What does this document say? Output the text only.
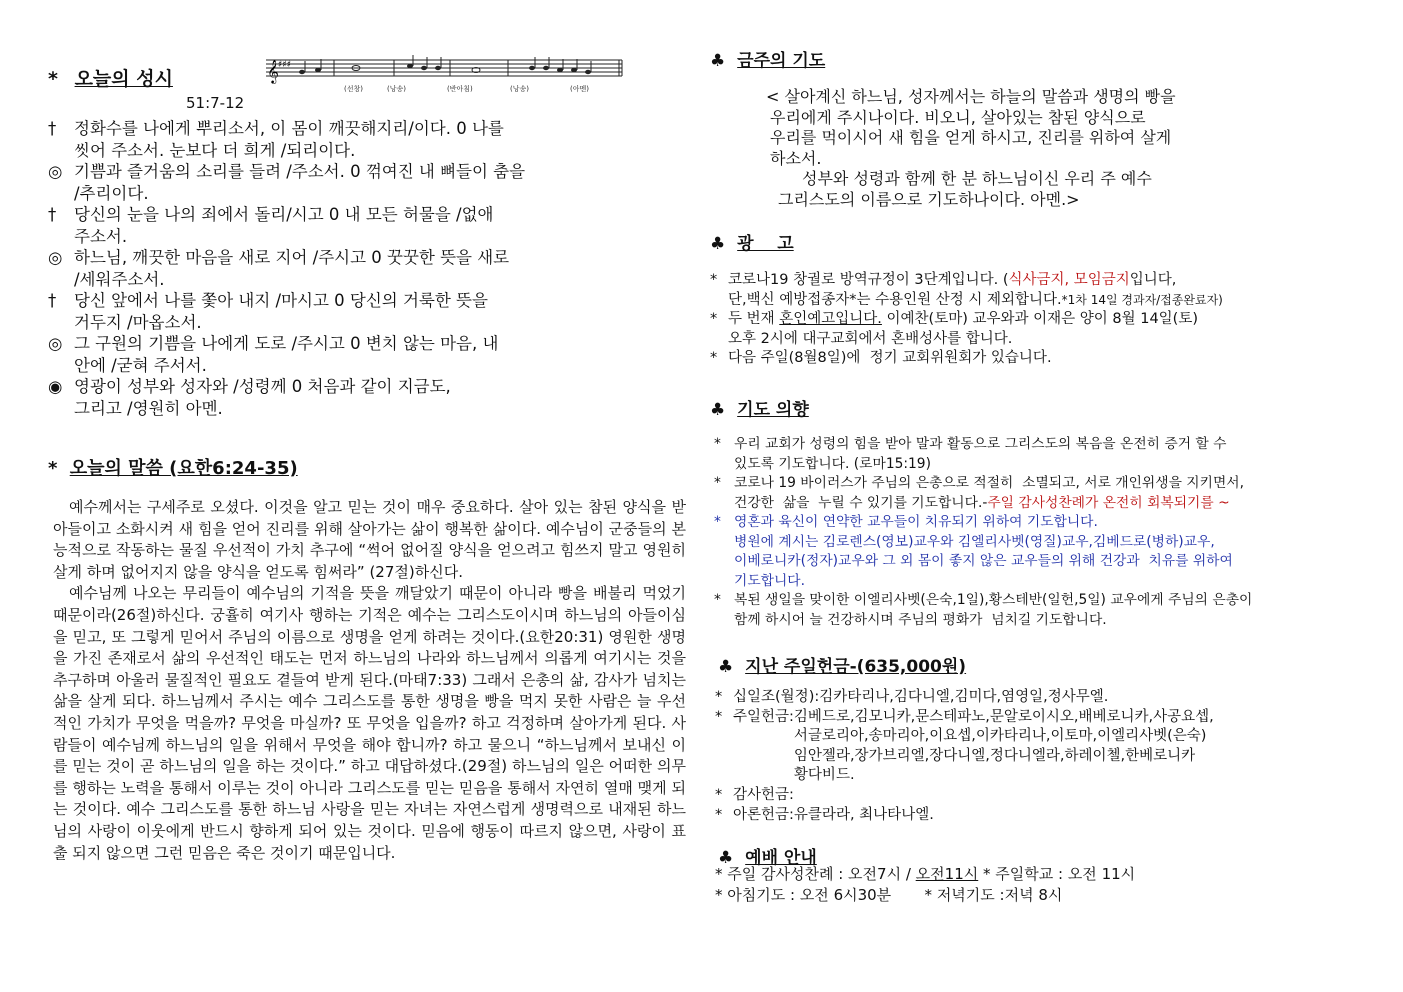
* 오늘의 성시	𝄞 ♯♯♯
(선창)	(낭송)	(반아침)	(낭송)	(아멘)
51:7-12
†	정화수를 나에게 뿌리소서, 이 몸이 깨끗해지리/이다. 0 나를
씻어 주소서. 눈보다 더 희게 /되리이다.
◎ 기쁨과 즐거움의 소리를 들려 /주소서. 0 꺾여진 내 뼈들이 춤을
/추리이다.
†	당신의 눈을 나의 죄에서 돌리/시고 0 내 모든 허물을 /없애
주소서.
◎ 하느님, 깨끗한 마음을 새로 지어 /주시고 0 꿋꿋한 뜻을 새로
/세워주소서.
†	당신 앞에서 나를 쫓아 내지 /마시고 0 당신의 거룩한 뜻을
거두지 /마옵소서.
◎ 그 구원의 기쁨을 나에게 도로 /주시고 0 변치 않는 마음, 내
안에 /굳혀 주서서.
◉ 영광이 성부와 성자와 /성령께 0 처음과 같이 지금도,
그리고 /영원히 아멘.
* 오늘의 말씀 (요한6:24-35)

예수께서는 구세주로 오셨다. 이것을 알고 믿는 것이 매우 중요하다. 살아 있는 참된 양식을 받아들이고 소화시켜 새 힘을 얻어 진리를 위해 살아가는 삶이 행복한 삶이다. 예수님이 군중들의 본능적으로 작동하는 물질 우선적이 가치 추구에 “썩어 없어질 양식을 얻으려고 힘쓰지 말고 영원히 살게 하며 없어지지 않을 양식을 얻도록 힘써라” (27절)하신다.

예수님께 나오는 무리들이 예수님의 기적을 뜻을 깨달았기 때문이 아니라 빵을 배불리 먹었기 때문이라(26절)하신다. 궁휼히 여기사 행하는 기적은 예수는 그리스도이시며 하느님의 아들이심을 믿고, 또 그렇게 믿어서 주님의 이름으로 생명을 얻게 하려는 것이다.(요한20:31) 영원한 생명을 가진 존재로서 삶의 우선적인 태도는 먼저 하느님의 나라와 하느님께서 의롭게 여기시는 것을 추구하며 아울러 물질적인 필요도 곁들여 받게 된다.(마태7:33) 그래서 은총의 삶, 감사가 넘치는 삶을 살게 되다. 하느님께서 주시는 예수 그리스도를 통한 생명을 빵을 먹지 못한 사람은 늘 우선적인 가치가 무엇을 먹을까? 무엇을 마실까? 또 무엇을 입을까? 하고 걱정하며 살아가게 된다. 사람들이 예수님께 하느님의 일을 위해서 무엇을 해야 합니까? 하고 물으니 “하느님께서 보내신 이를 믿는 것이 곧 하느님의 일을 하는 것이다.” 하고 대답하셨다.(29절) 하느님의 일은 어떠한 의무를 행하는 노력을 통해서 이루는 것이 아니라 그리스도를 믿는 믿음을 통해서 자연히 열매 맺게 되는 것이다. 예수 그리스도를 통한 하느님 사랑을 믿는 자녀는 자연스럽게 생명력으로 내재된 하느님의 사랑이 이웃에게 반드시 향하게 되어 있는 것이다. 믿음에 행동이 따르지 않으면, 사랑이 표출 되지 않으면 그런 믿음은 죽은 것이기 때문입니다.

♣ 금주의 기도
< 살아계신 하느님, 성자께서는 하늘의 말씀과 생명의 빵을
우리에게 주시나이다. 비오니, 살아있는 참된 양식으로
우리를 먹이시어 새 힘을 얻게 하시고, 진리를 위하여 살게
하소서.
성부와 성령과 함께 한 분 하느님이신 우리 주 예수
그리스도의 이름으로 기도하나이다. 아멘.>
♣ 광    고
* 코로나19 창궐로 방역규정이 3단계입니다. (식사금지, 모임금지입니다,
단,백신 예방접종자*는 수용인원 산정 시 제외합니다.*1차 14일 경과자/접종완료자)
* 두 번재 혼인예고입니다. 이예찬(토마) 교우와과 이재은 양이 8월 14일(토)
오후 2시에 대구교회에서 혼배성사를 합니다.
* 다음 주일(8월8일)에  정기 교회위원회가 있습니다.
♣ 기도 의향
* 우리 교회가 성령의 힘을 받아 말과 활동으로 그리스도의 복음을 온전히 증거 할 수
있도록 기도합니다. (로마15:19)
* 코로나 19 바이러스가 주님의 은총으로 적절히  소멸되고, 서로 개인위생을 지키면서,
건강한  삶을  누릴 수 있기를 기도합니다.-주일 감사성찬례가 온전히 회복되기를 ~
* 영혼과 육신이 연약한 교우들이 치유되기 위하여 기도합니다.
병원에 계시는 김로렌스(영보)교우와 김엘리사벳(영질)교우,김베드로(병하)교우,
이베로니카(정자)교우와 그 외 몸이 좋지 않은 교우들의 위해 건강과  치유를 위하여
기도합니다.
* 복된 생일을 맞이한 이엘리사벳(은숙,1일),황스테반(일헌,5일) 교우에게 주님의 은총이
함께 하시어 늘 건강하시며 주님의 평화가  넘치길 기도합니다.
♣ 지난 주일헌금-(635,000원)
* 십일조(월정): 김카타리나,김다니엘,김미다,염영일,정사무엘.
* 주일헌금: 김베드로,김모니카,문스테파노,문알로이시오,배베로니카,사공요셉,
서글로리아,송마리아,이요셉,이카타리나,이토마,이엘리사벳(은숙)
임안젤라,장가브리엘,장다니엘,정다니엘라,하레이첼,한베로니카
황다비드.
* 감사헌금:
* 아론헌금: 유클라라, 최나타나엘.
♣ 예배 안내
* 주일 감사성찬례 : 오전7시 / 오전11시 * 주일학교 : 오전 11시
* 아침기도 : 오전 6시30분       * 저녁기도 :저녁 8시
